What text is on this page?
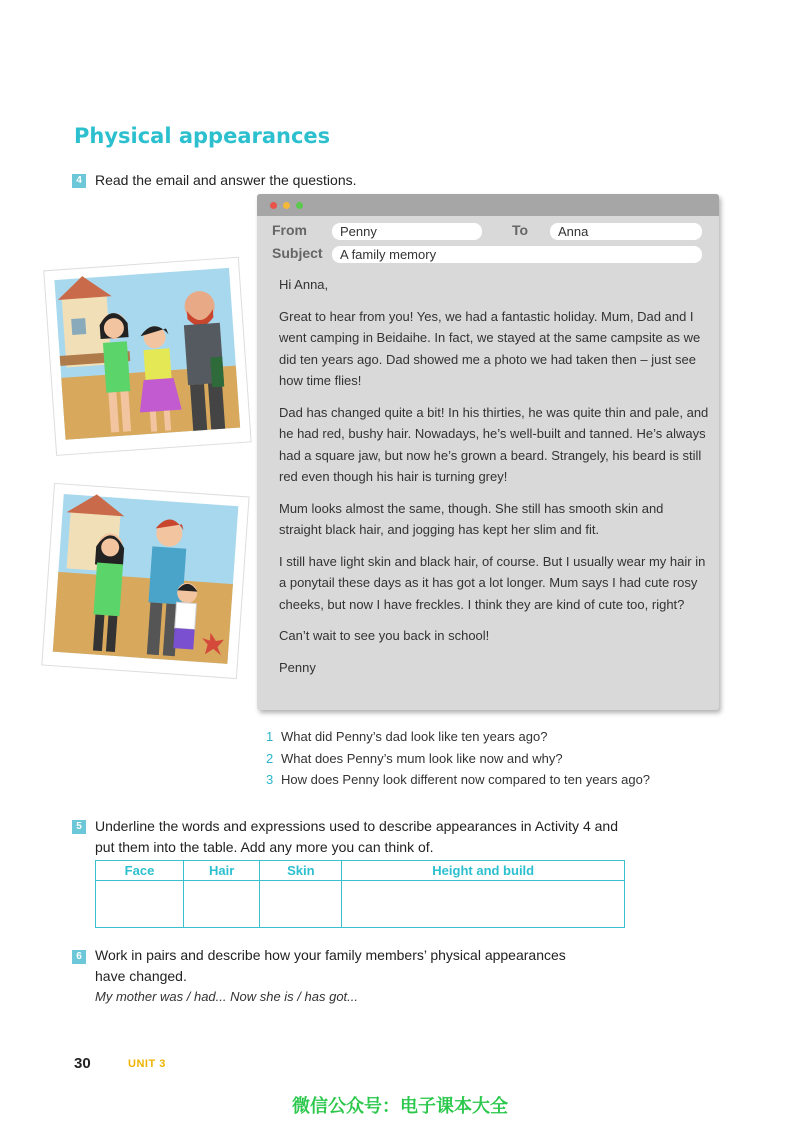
Physical appearances
4 Read the email and answer the questions.
From	Penny	To	Anna
Subject	A family memory

Hi Anna,

Great to hear from you! Yes, we had a fantastic holiday. Mum, Dad and I went camping in Beidaihe. In fact, we stayed at the same campsite as we did ten years ago. Dad showed me a photo we had taken then – just see how time flies!

Dad has changed quite a bit! In his thirties, he was quite thin and pale, and he had red, bushy hair. Nowadays, he’s well-built and tanned. He’s always had a square jaw, but now he’s grown a beard. Strangely, his beard is still red even though his hair is turning grey!

Mum looks almost the same, though. She still has smooth skin and straight black hair, and jogging has kept her slim and fit.

I still have light skin and black hair, of course. But I usually wear my hair in a ponytail these days as it has got a lot longer. Mum says I had cute rosy cheeks, but now I have freckles. I think they are kind of cute too, right?

Can’t wait to see you back in school!

Penny

1 What did Penny’s dad look like ten years ago?
2 What does Penny’s mum look like now and why?
3 How does Penny look different now compared to ten years ago?
5 Underline the words and expressions used to describe appearances in Activity 4 and
put them into the table. Add any more you can think of.
Face	Hair	Skin	Height and build

6 Work in pairs and describe how your family members’ physical appearances
have changed.
My mother was / had... Now she is / has got...
30	UNIT 3
微信公众号：电子课本大全
